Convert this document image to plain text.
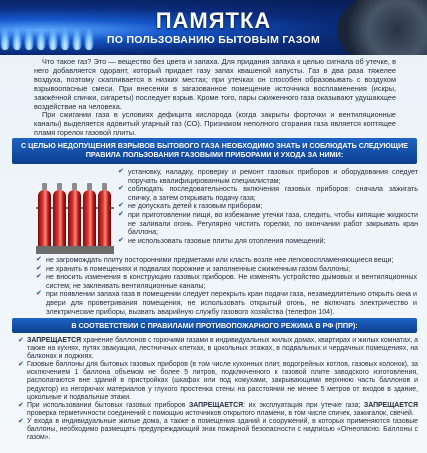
ПАМЯТКА
ПО ПОЛЬЗОВАНИЮ БЫТОВЫМ ГАЗОМ

Что такое газ? Это — вещество без цвета и запаха. Для придания запаха к целью сигнала об утечке, в него добавляется одорант, который придает газу запах квашеной капусты. Газ в два раза тяжелее воздуха, поэтому скапливается в низких местах; при утечках он способен образовывать с воздухом взрывоопасные смеси. При внесении в загазованное помещение источника воспламенения (искры, зажжённой спички, сигареты) последует взрыв. Кроме того, пары сжиженного газа оказывают удушающее воздействие на человека.

При сжигании газа в условиях дефицита кислорода (когда закрыты форточки и вентиляционные каналы) выделяется ядовитый угарный газ (СО). Признаком неполного сгорания газа является коптящее пламя горелок газовой плиты.

С ЦЕЛЬЮ НЕДОПУЩЕНИЯ ВЗРЫВОВ БЫТОВОГО ГАЗА НЕОБХОДИМО ЗНАТЬ И СОБЛЮДАТЬ СЛЕДУЮЩИЕ ПРАВИЛА ПОЛЬЗОВАНИЯ ГАЗОВЫМИ ПРИБОРАМИ И УХОДА ЗА НИМИ:
✔ установку, наладку, проверку и ремонт газовых приборов и оборудования следует поручать квалифицированным специалистам;
✔ соблюдать последовательность включения газовых приборов: сначала зажигать спичку, а затем открывать подачу газа;
✔ не допускать детей к газовым приборам;
✔ при приготовлении пищи, во избежание утечки газа, следить, чтобы кипящие жидкости не заливали огонь. Регулярно чистить горелки, по окончании работ закрывать кран баллона;
✔ не использовать газовые плиты для отопления помещений;
✔ не загромождать плиту посторонними предметами или класть возле нее легковоспламеняющиеся вещи;
✔ не хранить в помещениях и подвалах порожние и заполненные сжиженным газом баллоны;
✔ не вносить изменения в конструкцию газовых приборов. Не изменять устройство дымовых и вентиляционных систем; не заклеивать вентиляционные каналы;
✔ при появлении запаха газа в помещении следует перекрыть кран подачи газа, незамедлительно открыть окна и двери для проветривания помещения, не использовать открытый огонь, не включать электричество и электрические приборы, вызвать аварийную службу газового хозяйства (телефон 104).
В СООТВЕТСТВИИ С ПРАВИЛАМИ ПРОТИВОПОЖАРНОГО РЕЖИМА В РФ (ППР):
✔ ЗАПРЕЩАЕТСЯ хранение баллонов с горючими газами в индивидуальных жилых домах, квартирах и жилых комнатах, а также на кухнях, путях эвакуации, лестничных клетках, в цокольных этажах, в подвальных и чердачных помещениях, на балконах и лоджиях.
✔ Газовые баллоны для бытовых газовых приборов (в том числе кухонных плит, водогрейных котлов, газовых колонок), за исключением 1 баллона объемом не более 5 литров, подключенного к газовой плите заводского изготовления, располагаются вне зданий в пристройках (шкафах или под кожухами, закрывающими верхнюю часть баллонов и редуктор) из негорючих материалов у глухого простенка стены на расстоянии не менее 5 метров от входов в здание, цокольные и подвальные этажи.
✔ При использовании бытовых газовых приборов ЗАПРЕЩАЕТСЯ: их эксплуатация при утечке газа; ЗАПРЕЩАЕТСЯ проверка герметичности соединений с помощью источников открытого пламени, в том числе спичек, зажигалок, свечей.
✔ У входа в индивидуальные жилые дома, а также в помещения зданий и сооружений, в которых применяются газовые баллоны, необходимо размещать предупреждающий знак пожарной безопасности с надписью «Огнеопасно. Баллоны с газом».
